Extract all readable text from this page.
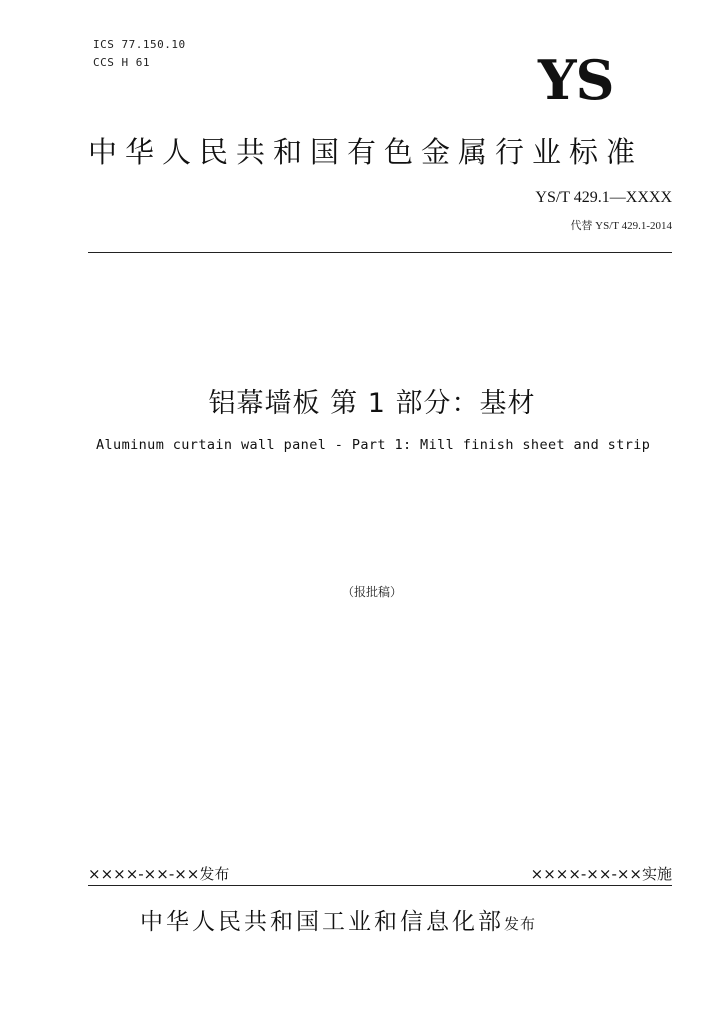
ICS 77.150.10
CCS H 61	YS
中华人民共和国有色金属行业标准
YS/T 429.1—XXXX
代替 YS/T 429.1-2014
铝幕墙板 第 1 部分：基材
Aluminum curtain wall panel - Part 1: Mill finish sheet and strip
（报批稿）
××××-××-××发布	××××-××-××实施
中华人民共和国工业和信息化部发布
